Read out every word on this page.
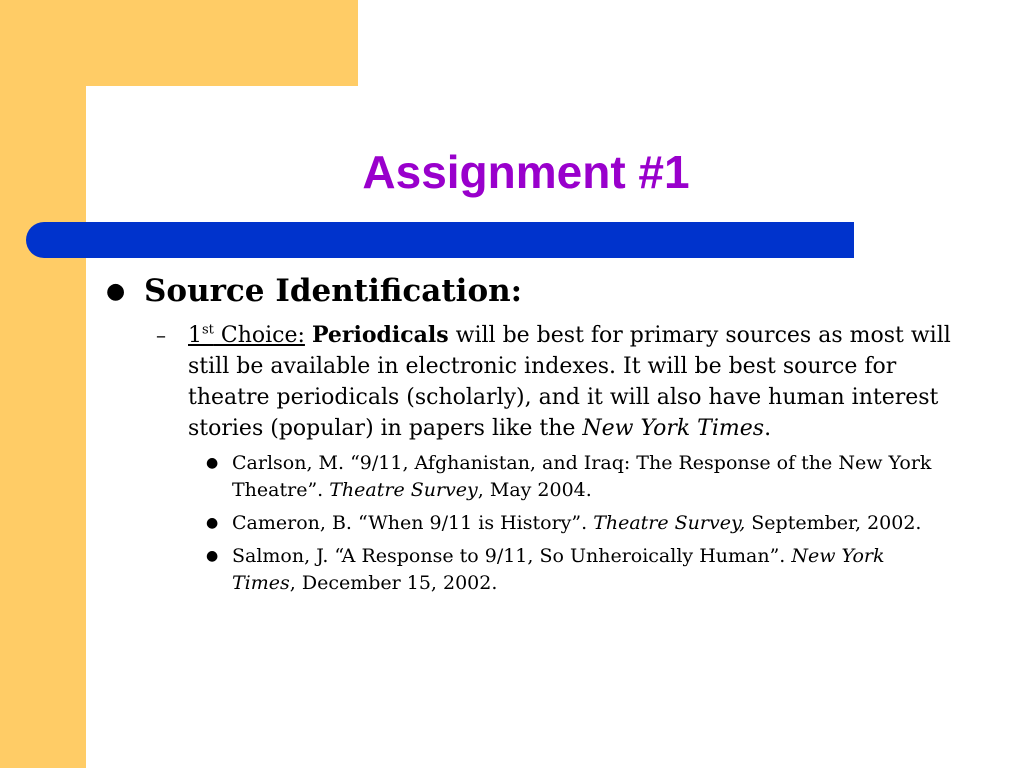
Assignment #1
● Source Identification:
– 1st Choice: Periodicals will be best for primary sources as most will still be available in electronic indexes. It will be best source for theatre periodicals (scholarly), and it will also have human interest stories (popular) in papers like the New York Times.
● Carlson, M. “9/11, Afghanistan, and Iraq: The Response of the New York Theatre”. Theatre Survey, May 2004.
● Cameron, B. “When 9/11 is History”. Theatre Survey, September, 2002.
● Salmon, J. “A Response to 9/11, So Unheroically Human”. New York Times, December 15, 2002.
